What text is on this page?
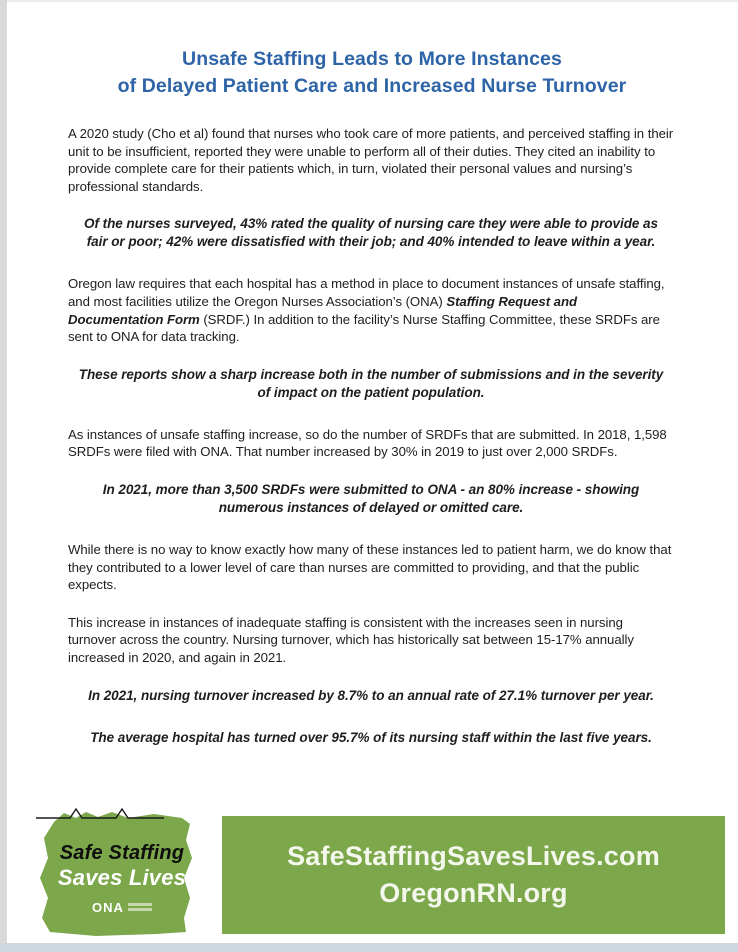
Unsafe Staffing Leads to More Instances
of Delayed Patient Care and Increased Nurse Turnover

A 2020 study (Cho et al) found that nurses who took care of more patients, and perceived staffing in their unit to be insufficient, reported they were unable to perform all of their duties. They cited an inability to provide complete care for their patients which, in turn, violated their personal values and nursing’s professional standards.

Of the nurses surveyed, 43% rated the quality of nursing care they were able to provide as fair or poor; 42% were dissatisfied with their job; and 40% intended to leave within a year.

Oregon law requires that each hospital has a method in place to document instances of unsafe staffing, and most facilities utilize the Oregon Nurses Association’s (ONA) Staffing Request and Documentation Form (SRDF.) In addition to the facility’s Nurse Staffing Committee, these SRDFs are sent to ONA for data tracking.

These reports show a sharp increase both in the number of submissions and in the severity of impact on the patient population.

As instances of unsafe staffing increase, so do the number of SRDFs that are submitted. In 2018, 1,598 SRDFs were filed with ONA. That number increased by 30% in 2019 to just over 2,000 SRDFs.

In 2021, more than 3,500 SRDFs were submitted to ONA - an 80% increase - showing numerous instances of delayed or omitted care.

While there is no way to know exactly how many of these instances led to patient harm, we do know that they contributed to a lower level of care than nurses are committed to providing, and that the public expects.

This increase in instances of inadequate staffing is consistent with the increases seen in nursing turnover across the country. Nursing turnover, which has historically sat between 15-17% annually increased in 2020, and again in 2021.

In 2021, nursing turnover increased by 8.7% to an annual rate of 27.1% turnover per year.

The average hospital has turned over 95.7% of its nursing staff within the last five years.

Safe Staffing
Saves Lives
ONA
SafeStaffingSavesLives.com
OregonRN.org
